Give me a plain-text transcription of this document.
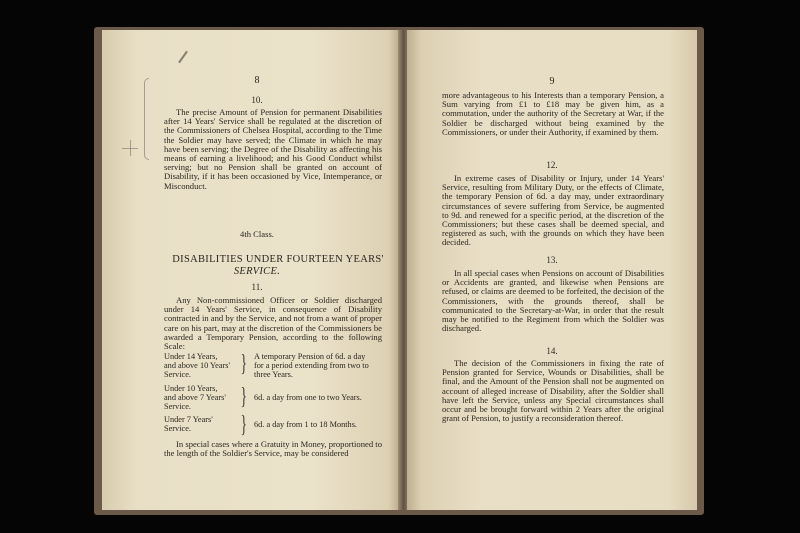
8
10.
The precise Amount of Pension for permanent Disabilities after 14 Years' Service shall be regulated at the discretion of the Commissioners of Chelsea Hospital, according to the Time the Soldier may have served; the Climate in which he may have been serving; the Degree of the Disability as affecting his means of earning a livelihood; and his Good Conduct whilst serving; but no Pension shall be granted on account of Disability, if it has been occasioned by Vice, Intemperance, or Misconduct.
4th Class.
DISABILITIES UNDER FOURTEEN YEARS'
SERVICE.
11.
Any Non-commissioned Officer or Soldier discharged under 14 Years' Service, in consequence of Disability contracted in and by the Service, and not from a want of proper care on his part, may at the discretion of the Commissioners be awarded a Temporary Pension, according to the following Scale:
Under 14 Years,
and above 10 Years'
Service.	} A temporary Pension of 6d. a day
for a period extending from two to
three Years.
Under 10 Years,
and above 7 Years'
Service.	} 6d. a day from one to two Years.
Under 7 Years'
Service.	} 6d. a day from 1 to 18 Months.
In special cases where a Gratuity in Money, proportioned to the length of the Soldier's Service, may be considered
9
more advantageous to his Interests than a temporary Pension, a Sum varying from £1 to £18 may be given him, as a commutation, under the authority of the Secretary at War, if the Soldier be discharged without being examined by the Commissioners, or under their Authority, if examined by them.
12.
In extreme cases of Disability or Injury, under 14 Years' Service, resulting from Military Duty, or the effects of Climate, the temporary Pension of 6d. a day may, under extraordinary circumstances of severe suffering from Service, be augmented to 9d. and renewed for a specific period, at the discretion of the Commissioners; but these cases shall be deemed special, and registered as such, with the grounds on which they have been decided.
13.
In all special cases when Pensions on account of Disabilities or Accidents are granted, and likewise when Pensions are refused, or claims are deemed to be forfeited, the decision of the Commissioners, with the grounds thereof, shall be communicated to the Secretary-at-War, in order that the result may be notified to the Regiment from which the Soldier was discharged.
14.
The decision of the Commissioners in fixing the rate of Pension granted for Service, Wounds or Disabilities, shall be final, and the Amount of the Pension shall not be augmented on account of alleged increase of Disability, after the Soldier shall have left the Service, unless any Special circumstances shall occur and be brought forward within 2 Years after the original grant of Pension, to justify a reconsideration thereof.
